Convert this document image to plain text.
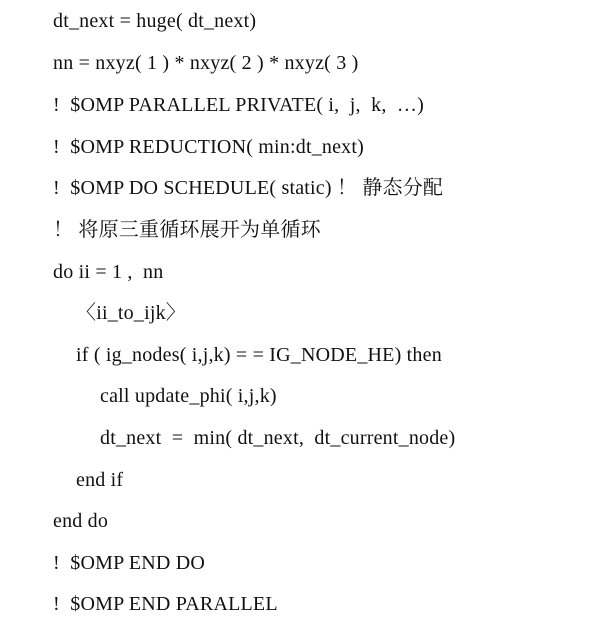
dt_next = huge( dt_next)
nn = nxyz( 1 ) * nxyz( 2 ) * nxyz( 3 )
!  $OMP PARALLEL PRIVATE( i,  j,  k,  …)
!  $OMP REDUCTION( min:dt_next)
!  $OMP DO SCHEDULE( static) ！ 静态分配
！ 将原三重循环展开为单循环
do ii = 1 ,  nn
〈ii_to_ijk〉
if ( ig_nodes( i,j,k) = = IG_NODE_HE) then
call update_phi( i,j,k)
dt_next  =  min( dt_next,  dt_current_node)
end if
end do
!  $OMP END DO
!  $OMP END PARALLEL
